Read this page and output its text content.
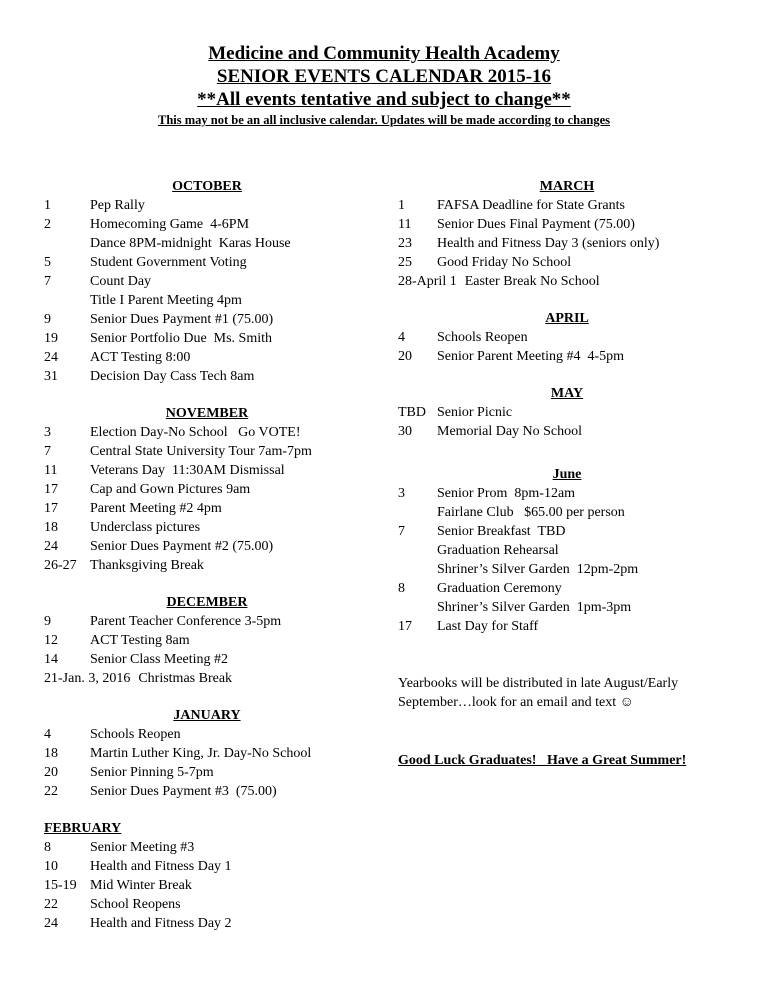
Medicine and Community Health Academy
SENIOR EVENTS CALENDAR 2015-16
**All events tentative and subject to change**
This may not be an all inclusive calendar. Updates will be made according to changes
OCTOBER
1	Pep Rally
2	Homecoming Game  4-6PM
Dance 8PM-midnight  Karas House
5	Student Government Voting
7	Count Day
Title I Parent Meeting 4pm
9	Senior Dues Payment #1 (75.00)
19	Senior Portfolio Due  Ms. Smith
24	ACT Testing 8:00
31	Decision Day Cass Tech 8am
NOVEMBER
3	Election Day-No School   Go VOTE!
7	Central State University Tour 7am-7pm
11	Veterans Day  11:30AM Dismissal
17	Cap and Gown Pictures 9am
17	Parent Meeting #2 4pm
18	Underclass pictures
24	Senior Dues Payment #2 (75.00)
26-27 Thanksgiving Break
DECEMBER
9	Parent Teacher Conference 3-5pm
12	ACT Testing 8am
14	Senior Class Meeting #2
21-Jan. 3, 2016 Christmas Break
JANUARY
4	Schools Reopen
18	Martin Luther King, Jr. Day-No School
20	Senior Pinning 5-7pm
22	Senior Dues Payment #3  (75.00)
FEBRUARY
8	Senior Meeting #3
10	Health and Fitness Day 1
15-19 Mid Winter Break
22	School Reopens
24	Health and Fitness Day 2
MARCH
1	FAFSA Deadline for State Grants
11	Senior Dues Final Payment (75.00)
23	Health and Fitness Day 3 (seniors only)
25	Good Friday No School
28-April 1 Easter Break No School
APRIL
4	Schools Reopen
20	Senior Parent Meeting #4  4-5pm
MAY
TBD Senior Picnic
30	Memorial Day No School
June
3	Senior Prom  8pm-12am
Fairlane Club   $65.00 per person
7	Senior Breakfast  TBD
Graduation Rehearsal
Shriner’s Silver Garden  12pm-2pm
8	Graduation Ceremony
Shriner’s Silver Garden  1pm-3pm
17	Last Day for Staff
Yearbooks will be distributed in late August/Early September…look for an email and text ☺
Good Luck Graduates!   Have a Great Summer!
